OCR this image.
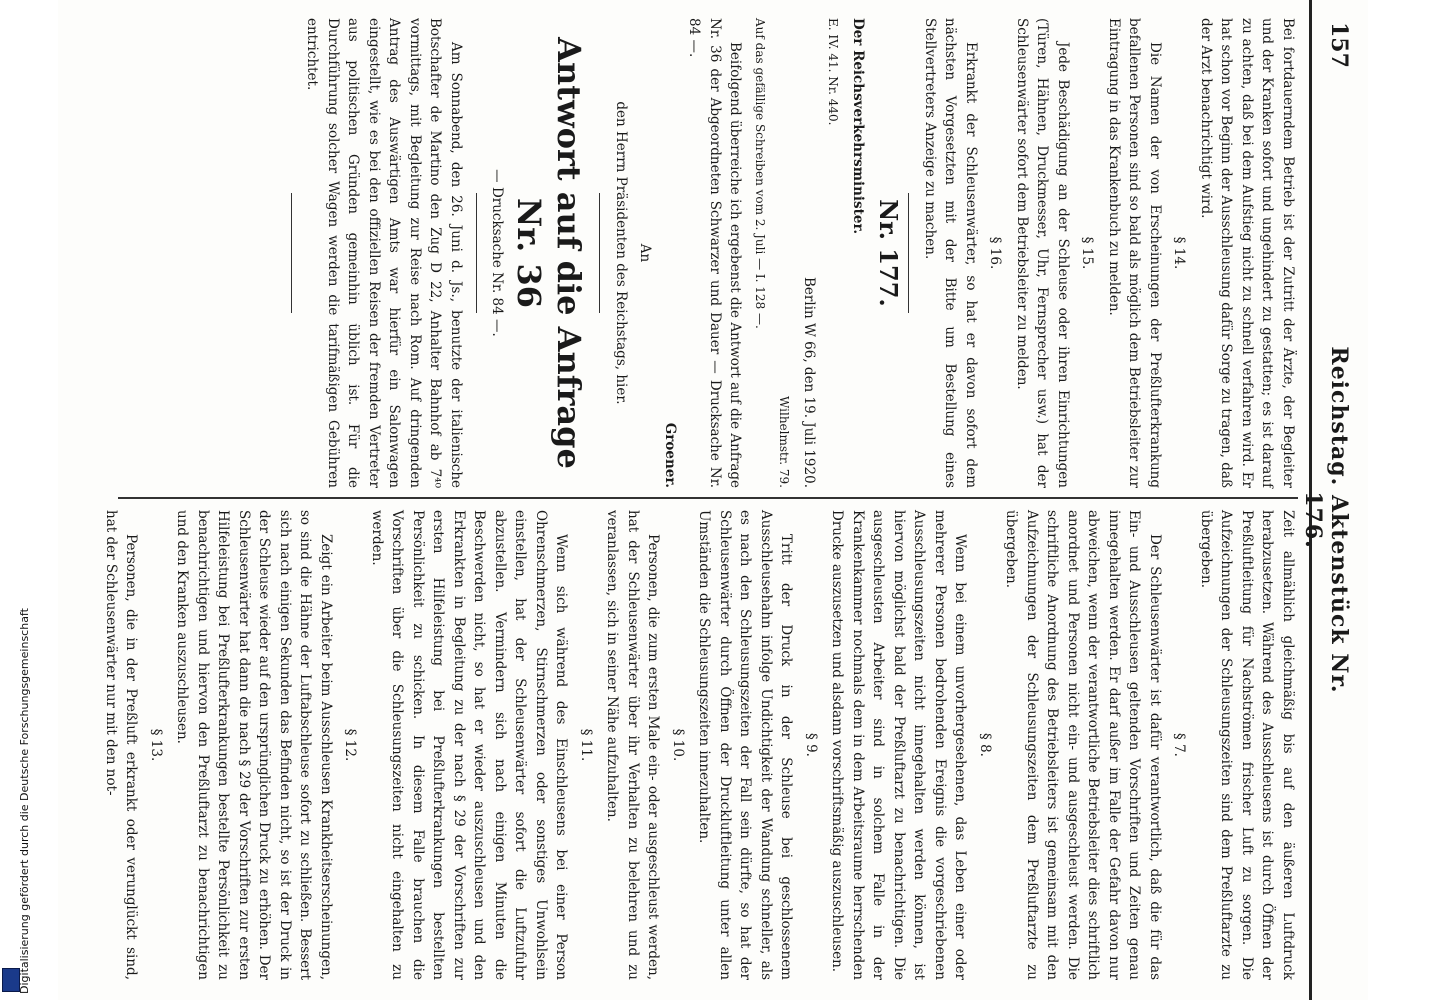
Digitalisierung gefördert durch die Deutsche Forschungsgemeinschaft
157
Reichstag. Aktenstück Nr. 176.

Bei fortdauerndem Betrieb ist der Zutritt der Ärzte, der Begleiter und der Kranken sofort und ungehindert zu gestatten; es ist darauf zu achten, daß bei dem Aufstieg nicht zu schnell verfahren wird. Er hat schon vor Beginn der Ausschleusung dafür Sorge zu tragen, daß der Arzt benachrichtigt wird.

§ 14.

Die Namen der von Erscheinungen der Preßlufterkrankung befallenen Personen sind so bald als möglich dem Betriebsleiter zur Eintragung in das Krankenbuch zu melden.

§ 15.

Jede Beschädigung an der Schleuse oder ihren Einrichtungen (Türen, Hähnen, Druckmesser, Uhr, Fernsprecher usw.) hat der Schleusenwärter sofort dem Betriebsleiter zu melden.

§ 16.

Erkrankt der Schleusenwärter, so hat er davon sofort dem nächsten Vorgesetzten mit der Bitte um Bestellung eines Stellvertreters Anzeige zu machen.

Nr. 177.

Der Reichsverkehrsminister.

E. IV. 41. Nr. 440.

Berlin W 66, den 19. Juli 1920.

Wilhelmstr. 79.

Auf das gefällige Schreiben vom 2. Juli — I. 128 —.

Beifolgend überreiche ich ergebenst die Antwort auf die Anfrage Nr. 36 der Abgeordneten Schwarzer und Dauer — Drucksache Nr. 84 —.

Groener.

An

den Herrn Präsidenten des Reichstags, hier.

Antwort auf die Anfrage Nr. 36
— Drucksache Nr. 84 —.

Am Sonnabend, den 26. Juni d. Js., benutzte der italienische Botschafter de Martino den Zug D 22, Anhalter Bahnhof ab 7⁴⁰ vormittags, mit Begleitung zur Reise nach Rom. Auf dringenden Antrag des Auswärtigen Amts war hierfür ein Salonwagen eingestellt, wie es bei den offiziellen Reisen der fremden Vertreter aus politischen Gründen gemeinhin üblich ist. Für die Durchführung solcher Wagen werden die tarifmäßigen Gebühren entrichtet.

Zeit allmählich gleichmäßig bis auf den äußeren Luftdruck herabzusetzen. Während des Ausschleusens ist durch Öffnen der Preßluftleitung für Nachströmen frischer Luft zu sorgen. Die Aufzeichnungen der Schleusungszeiten sind dem Preßluftarzte zu übergeben.

§ 7.

Der Schleusenwärter ist dafür verantwortlich, daß die für das Ein- und Ausschleusen geltenden Vorschriften und Zeiten genau innegehalten werden. Er darf außer im Falle der Gefahr davon nur abweichen, wenn der verantwortliche Betriebsleiter dies schriftlich anordnet und Personen nicht ein- und ausgeschleust werden. Die schriftliche Anordnung des Betriebsleiters ist gemeinsam mit den Aufzeichnungen der Schleusungszeiten dem Preßluftarzte zu übergeben.

§ 8.

Wenn bei einem unvorhergesehenen, das Leben einer oder mehrerer Personen bedrohenden Ereignis die vorgeschriebenen Ausschleusungszeiten nicht innegehalten werden können, ist hiervon möglichst bald der Preßluftarzt zu benachrichtigen. Die ausgeschleusten Arbeiter sind in solchem Falle in der Krankenkammer nochmals dem in dem Arbeitsraume herrschenden Drucke auszusetzen und alsdann vorschriftsmäßig auszuschleusen.

§ 9.

Tritt der Druck in der Schleuse bei geschlossenem Ausschleusehahn infolge Undichtigkeit der Wandung schneller, als es nach den Schleusungszeiten der Fall sein dürfte, so hat der Schleusenwärter durch Öffnen der Druckluftleitung unter allen Umständen die Schleusungszeiten innezuhalten.

§ 10.

Personen, die zum ersten Male ein- oder ausgeschleust werden, hat der Schleusenwärter über ihr Verhalten zu belehren und zu veranlassen, sich in seiner Nähe aufzuhalten.

§ 11.

Wenn sich während des Einschleusens bei einer Person Ohrenschmerzen, Stirnschmerzen oder sonstiges Unwohlsein einstellen, hat der Schleusenwärter sofort die Luftzufuhr abzustellen. Vermindern sich nach einigen Minuten die Beschwerden nicht, so hat er wieder auszuschleusen und den Erkrankten in Begleitung zu der nach § 29 der Vorschriften zur ersten Hilfeleistung bei Preßlufterkrankungen bestellten Persönlichkeit zu schicken. In diesem Falle brauchen die Vorschriften über die Schleusungszeiten nicht eingehalten zu werden.

§ 12.

Zeigt ein Arbeiter beim Ausschleusen Krankheitserscheinungen, so sind die Hähne der Luftabschleuse sofort zu schließen. Bessert sich nach einigen Sekunden das Befinden nicht, so ist der Druck in der Schleuse wieder auf den ursprünglichen Druck zu erhöhen. Der Schleusenwärter hat dann die nach § 29 der Vorschriften zur ersten Hilfeleistung bei Preßlufterkrankungen bestellte Persönlichkeit zu benachrichtigen und hiervon den Preßluftarzt zu benachrichtigen und den Kranken auszuschleusen.

§ 13.

Personen, die in der Preßluft erkrankt oder verunglückt sind, hat der Schleusenwärter nur mit den not-
